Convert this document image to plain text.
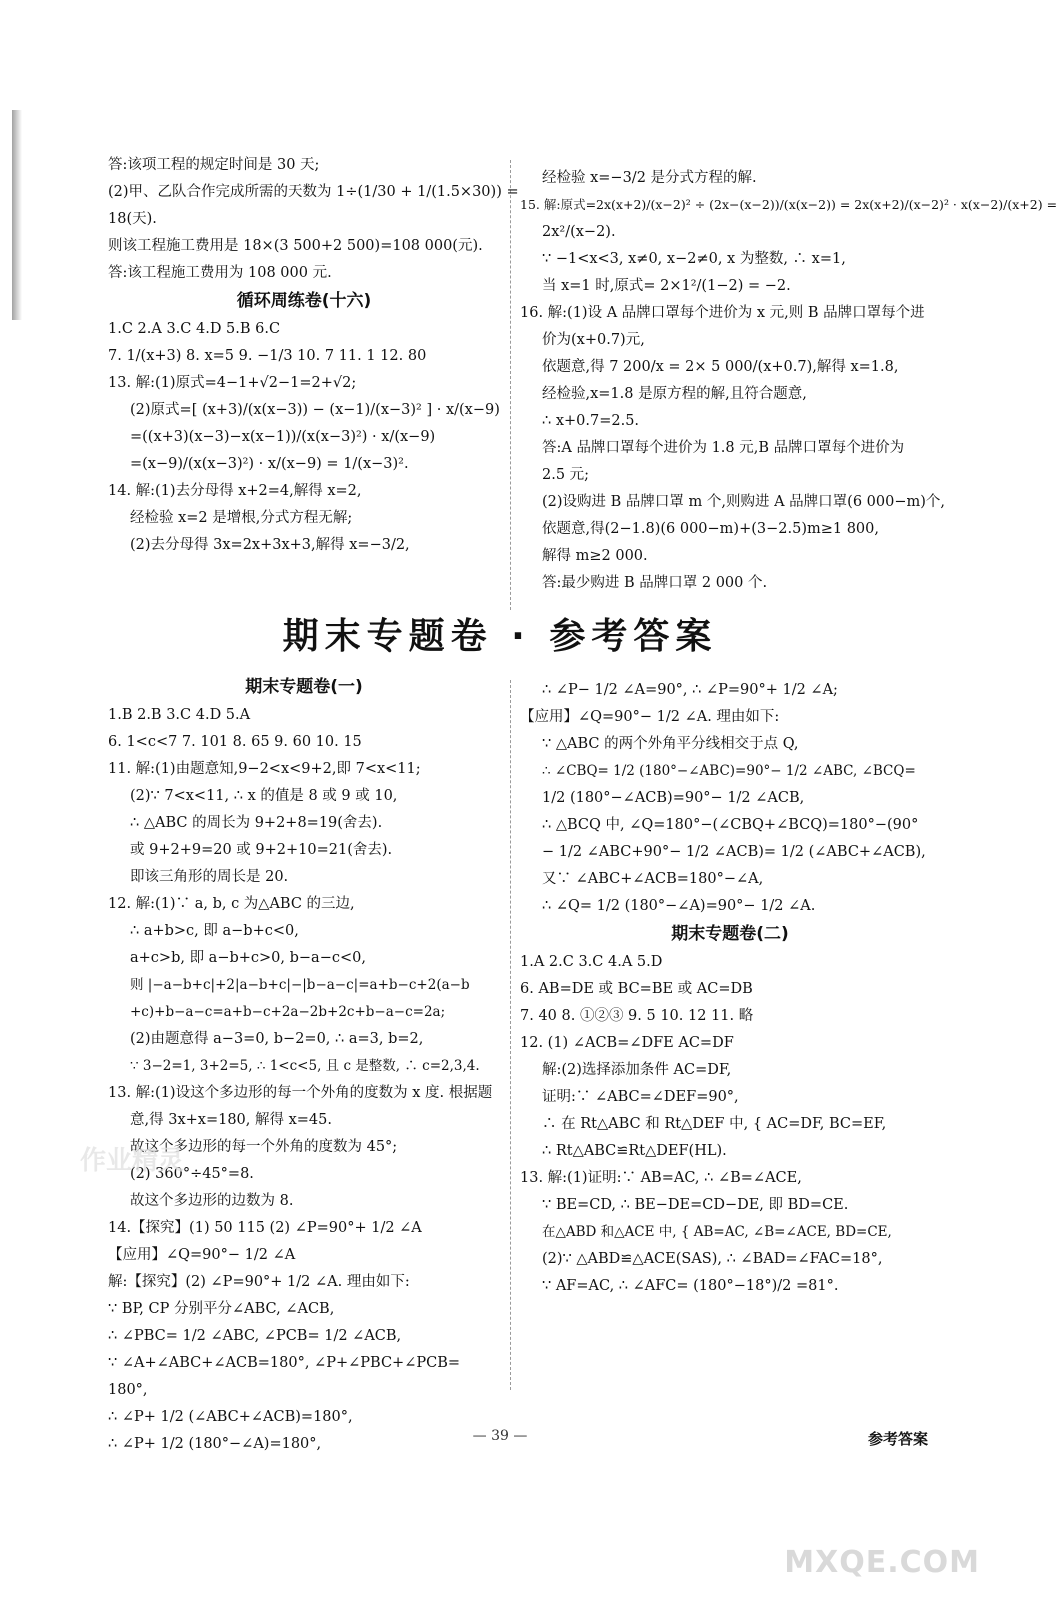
答:该项工程的规定时间是 30 天;
(2)甲、乙队合作完成所需的天数为 1÷(1/30 + 1/(1.5×30)) =
18(天).
则该工程施工费用是 18×(3 500+2 500)=108 000(元).
答:该工程施工费用为 108 000 元.
循环周练卷(十六)
1.C 2.A 3.C 4.D 5.B 6.C
7. 1/(x+3) 8. x=5 9. −1/3 10. 7 11. 1 12. 80
13. 解:(1)原式=4−1+√2−1=2+√2;
(2)原式=[ (x+3)/(x(x−3)) − (x−1)/(x−3)² ] · x/(x−9)
=((x+3)(x−3)−x(x−1))/(x(x−3)²) · x/(x−9)
=(x−9)/(x(x−3)²) · x/(x−9) = 1/(x−3)².
14. 解:(1)去分母得 x+2=4,解得 x=2,
经检验 x=2 是增根,分式方程无解;
(2)去分母得 3x=2x+3x+3,解得 x=−3/2,
经检验 x=−3/2 是分式方程的解.
15. 解:原式=2x(x+2)/(x−2)² ÷ (2x−(x−2))/(x(x−2)) = 2x(x+2)/(x−2)² · x(x−2)/(x+2) =
2x²/(x−2).
∵ −1<x<3, x≠0, x−2≠0, x 为整数, ∴ x=1,
当 x=1 时,原式= 2×1²/(1−2) = −2.
16. 解:(1)设 A 品牌口罩每个进价为 x 元,则 B 品牌口罩每个进
价为(x+0.7)元,
依题意,得 7 200/x = 2× 5 000/(x+0.7),解得 x=1.8,
经检验,x=1.8 是原方程的解,且符合题意,
∴ x+0.7=2.5.
答:A 品牌口罩每个进价为 1.8 元,B 品牌口罩每个进价为
2.5 元;
(2)设购进 B 品牌口罩 m 个,则购进 A 品牌口罩(6 000−m)个,
依题意,得(2−1.8)(6 000−m)+(3−2.5)m≥1 800,
解得 m≥2 000.
答:最少购进 B 品牌口罩 2 000 个.
期末专题卷 · 参考答案
期末专题卷(一)
1.B 2.B 3.C 4.D 5.A
6. 1<c<7 7. 101 8. 65 9. 60 10. 15
11. 解:(1)由题意知,9−2<x<9+2,即 7<x<11;
(2)∵ 7<x<11, ∴ x 的值是 8 或 9 或 10,
∴ △ABC 的周长为 9+2+8=19(舍去).
或 9+2+9=20 或 9+2+10=21(舍去).
即该三角形的周长是 20.
12. 解:(1)∵ a, b, c 为△ABC 的三边,
∴ a+b>c, 即 a−b+c<0,
a+c>b, 即 a−b+c>0, b−a−c<0,
则 |−a−b+c|+2|a−b+c|−|b−a−c|=a+b−c+2(a−b
+c)+b−a−c=a+b−c+2a−2b+2c+b−a−c=2a;
(2)由题意得 a−3=0, b−2=0, ∴ a=3, b=2,
∵ 3−2=1, 3+2=5, ∴ 1<c<5, 且 c 是整数, ∴ c=2,3,4.
13. 解:(1)设这个多边形的每一个外角的度数为 x 度. 根据题
意,得 3x+x=180, 解得 x=45.
故这个多边形的每一个外角的度数为 45°;
(2) 360°÷45°=8.
故这个多边形的边数为 8.
14.【探究】(1) 50 115 (2) ∠P=90°+ 1/2 ∠A
【应用】∠Q=90°− 1/2 ∠A
解:【探究】(2) ∠P=90°+ 1/2 ∠A. 理由如下:
∵ BP, CP 分别平分∠ABC, ∠ACB,
∴ ∠PBC= 1/2 ∠ABC, ∠PCB= 1/2 ∠ACB,
∵ ∠A+∠ABC+∠ACB=180°, ∠P+∠PBC+∠PCB=
180°,
∴ ∠P+ 1/2 (∠ABC+∠ACB)=180°,
∴ ∠P+ 1/2 (180°−∠A)=180°,
∴ ∠P− 1/2 ∠A=90°, ∴ ∠P=90°+ 1/2 ∠A;
【应用】∠Q=90°− 1/2 ∠A. 理由如下:
∵ △ABC 的两个外角平分线相交于点 Q,
∴ ∠CBQ= 1/2 (180°−∠ABC)=90°− 1/2 ∠ABC, ∠BCQ=
1/2 (180°−∠ACB)=90°− 1/2 ∠ACB,
∴ △BCQ 中, ∠Q=180°−(∠CBQ+∠BCQ)=180°−(90°
− 1/2 ∠ABC+90°− 1/2 ∠ACB)= 1/2 (∠ABC+∠ACB),
又∵ ∠ABC+∠ACB=180°−∠A,
∴ ∠Q= 1/2 (180°−∠A)=90°− 1/2 ∠A.
期末专题卷(二)
1.A 2.C 3.C 4.A 5.D
6. AB=DE 或 BC=BE 或 AC=DB
7. 40 8. ①②③ 9. 5 10. 12 11. 略
12. (1) ∠ACB=∠DFE AC=DF
解:(2)选择添加条件 AC=DF,
证明:∵ ∠ABC=∠DEF=90°,
∴ 在 Rt△ABC 和 Rt△DEF 中, { AC=DF, BC=EF,
∴ Rt△ABC≌Rt△DEF(HL).
13. 解:(1)证明:∵ AB=AC, ∴ ∠B=∠ACE,
∵ BE=CD, ∴ BE−DE=CD−DE, 即 BD=CE.
在△ABD 和△ACE 中, { AB=AC, ∠B=∠ACE, BD=CE,
(2)∵ △ABD≌△ACE(SAS), ∴ ∠BAD=∠FAC=18°,
∵ AF=AC, ∴ ∠AFC= (180°−18°)/2 =81°.
作业精灵
— 39 —	参考答案
MXQE.COM
